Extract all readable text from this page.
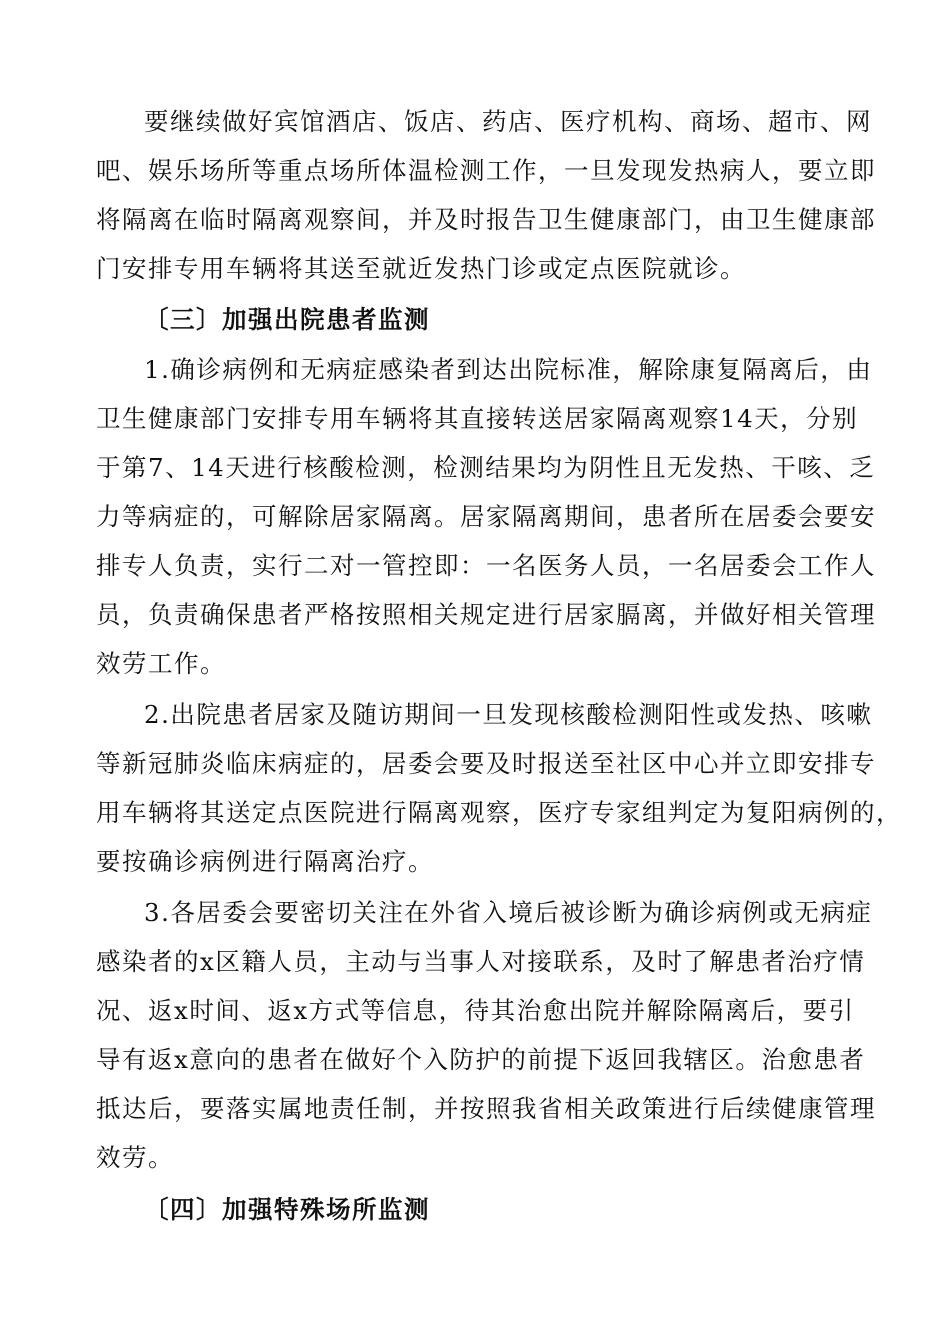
要继续做好宾馆酒店、饭店、药店、医疗机构、商场、超市、网
吧、娱乐场所等重点场所体温检测工作，一旦发现发热病人，要立即
将隔离在临时隔离观察间，并及时报告卫生健康部门，由卫生健康部
门安排专用车辆将其送至就近发热门诊或定点医院就诊。
〔三〕加强出院患者监测
1.确诊病例和无病症感染者到达出院标准，解除康复隔离后，由
卫生健康部门安排专用车辆将其直接转送居家隔离观察14天，分别
于第7、14天进行核酸检测，检测结果均为阴性且无发热、干咳、乏
力等病症的，可解除居家隔离。居家隔离期间，患者所在居委会要安
排专人负责，实行二对一管控即：一名医务人员，一名居委会工作人
员，负责确保患者严格按照相关规定进行居家膈离，并做好相关管理
效劳工作。
2.出院患者居家及随访期间一旦发现核酸检测阳性或发热、咳嗽
等新冠肺炎临床病症的，居委会要及时报送至社区中心并立即安排专
用车辆将其送定点医院进行隔离观察，医疗专家组判定为复阳病例的，
要按确诊病例进行隔离治疗。
3.各居委会要密切关注在外省入境后被诊断为确诊病例或无病症
感染者的x区籍人员，主动与当事人对接联系，及时了解患者治疗情
况、返x时间、返x方式等信息，待其治愈出院并解除隔离后，要引
导有返x意向的患者在做好个入防护的前提下返回我辖区。治愈患者
抵达后，要落实属地责任制，并按照我省相关政策进行后续健康管理
效劳。
〔四〕加强特殊场所监测
